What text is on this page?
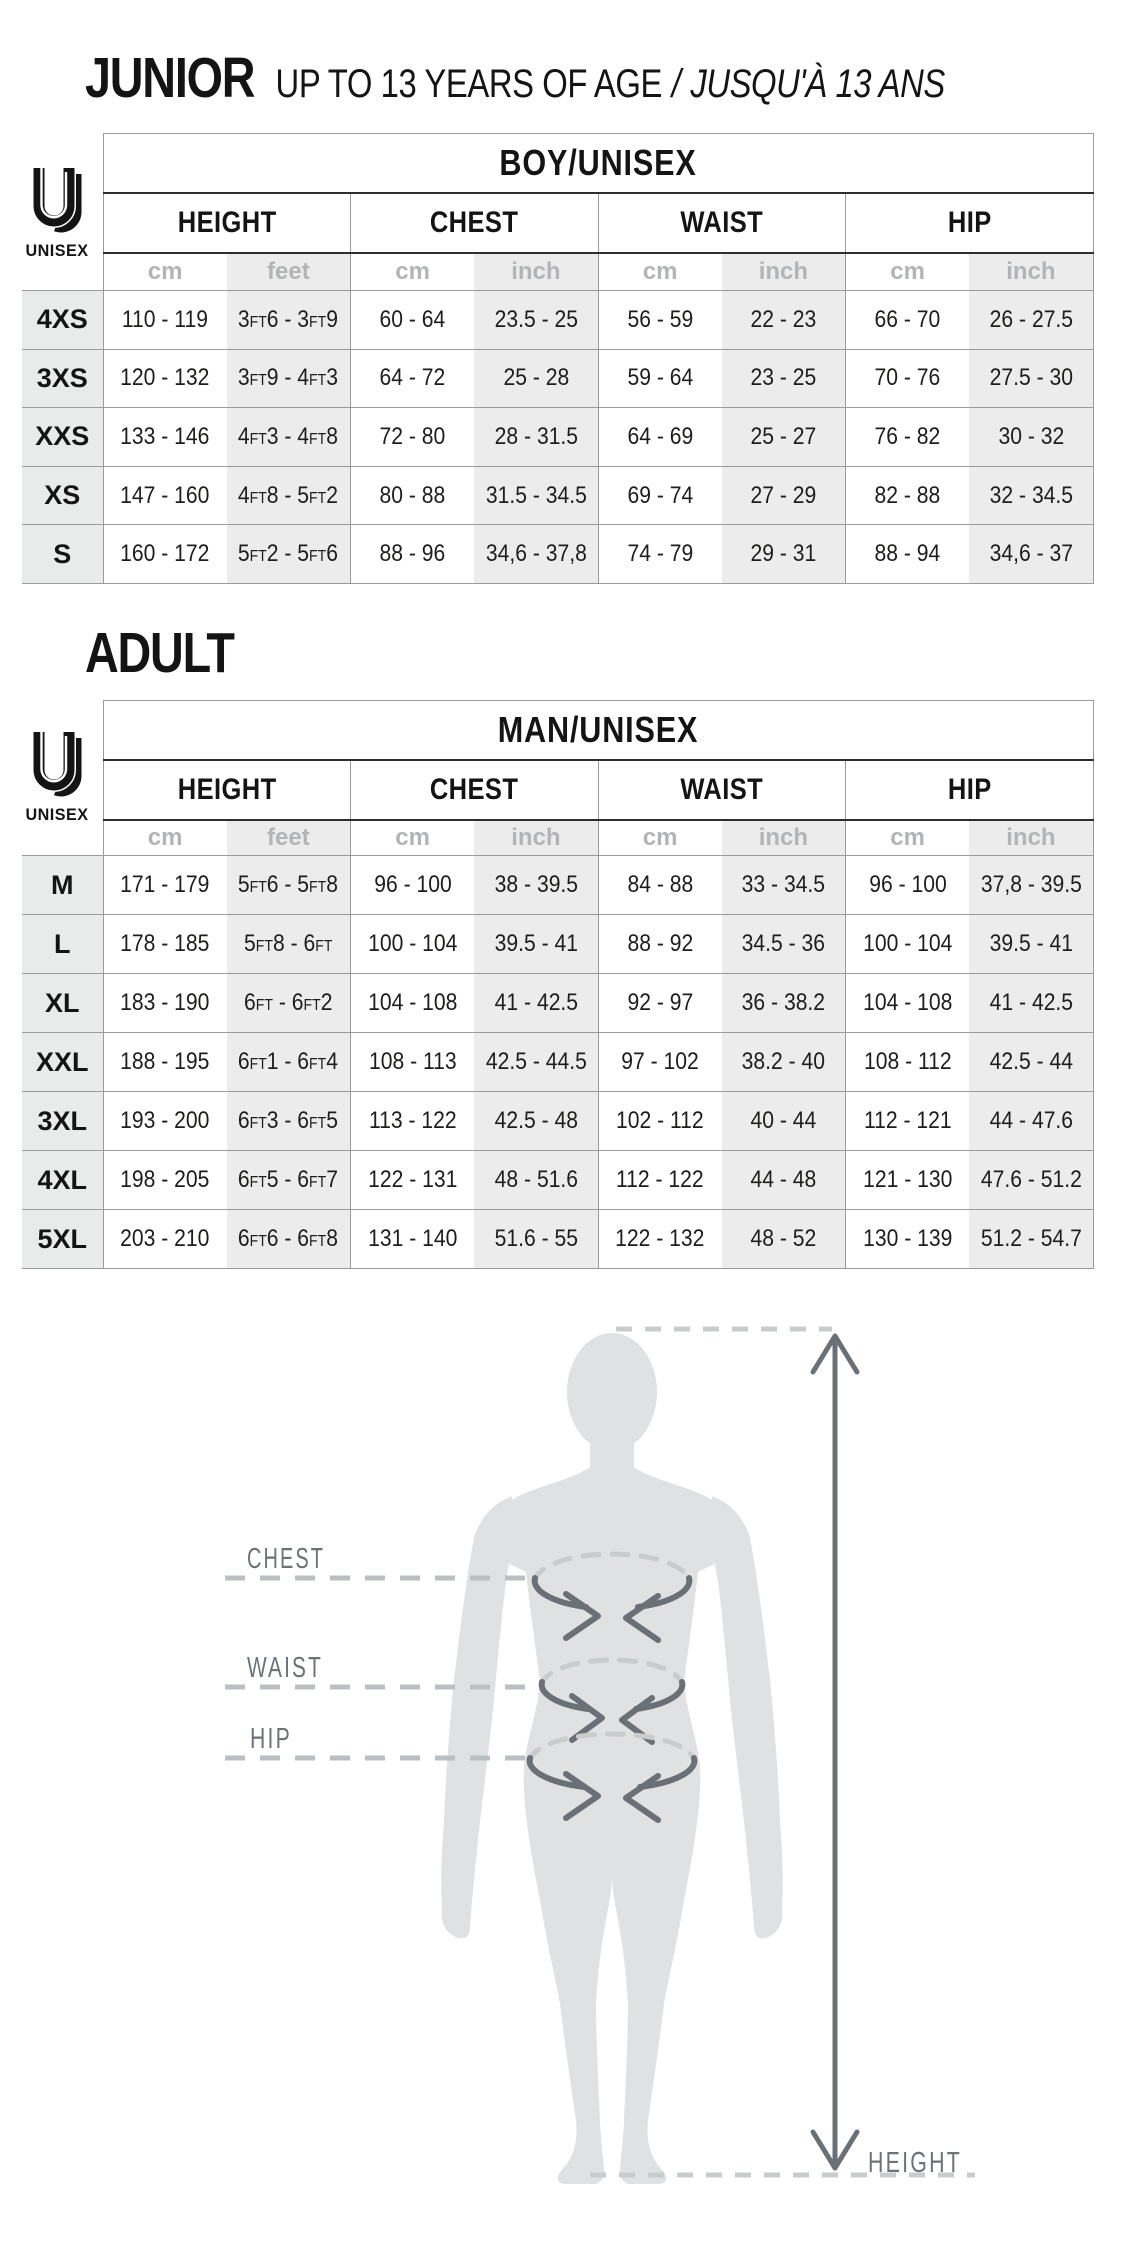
JUNIOR UP TO 13 YEARS OF AGE / JUSQU'À 13 ANS
UNISEX
	BOY/UNISEX							
	HEIGHT		CHEST		WAIST		HIP	
	cm	feet	cm	inch	cm	inch	cm	inch
4XS	110 - 119	3FT6 - 3FT9	60 - 64	23.5 - 25	56 - 59	22 - 23	66 - 70	26 - 27.5
3XS	120 - 132	3FT9 - 4FT3	64 - 72	25 - 28	59 - 64	23 - 25	70 - 76	27.5 - 30
XXS	133 - 146	4FT3 - 4FT8	72 - 80	28 - 31.5	64 - 69	25 - 27	76 - 82	30 - 32
XS	147 - 160	4FT8 - 5FT2	80 - 88	31.5 - 34.5	69 - 74	27 - 29	82 - 88	32 - 34.5
S	160 - 172	5FT2 - 5FT6	88 - 96	34,6 - 37,8	74 - 79	29 - 31	88 - 94	34,6 - 37
ADULT
UNISEX
	MAN/UNISEX							
	HEIGHT		CHEST		WAIST		HIP	
	cm	feet	cm	inch	cm	inch	cm	inch
M	171 - 179	5FT6 - 5FT8	96 - 100	38 - 39.5	84 - 88	33 - 34.5	96 - 100	37,8 - 39.5
L	178 - 185	5FT8 - 6FT	100 - 104	39.5 - 41	88 - 92	34.5 - 36	100 - 104	39.5 - 41
XL	183 - 190	6FT - 6FT2	104 - 108	41 - 42.5	92 - 97	36 - 38.2	104 - 108	41 - 42.5
XXL	188 - 195	6FT1 - 6FT4	108 - 113	42.5 - 44.5	97 - 102	38.2 - 40	108 - 112	42.5 - 44
3XL	193 - 200	6FT3 - 6FT5	113 - 122	42.5 - 48	102 - 112	40 - 44	112 - 121	44 - 47.6
4XL	198 - 205	6FT5 - 6FT7	122 - 131	48 - 51.6	112 - 122	44 - 48	121 - 130	47.6 - 51.2
5XL	203 - 210	6FT6 - 6FT8	131 - 140	51.6 - 55	122 - 132	48 - 52	130 - 139	51.2 - 54.7
CHEST
WAIST
HIP
HEIGHT
